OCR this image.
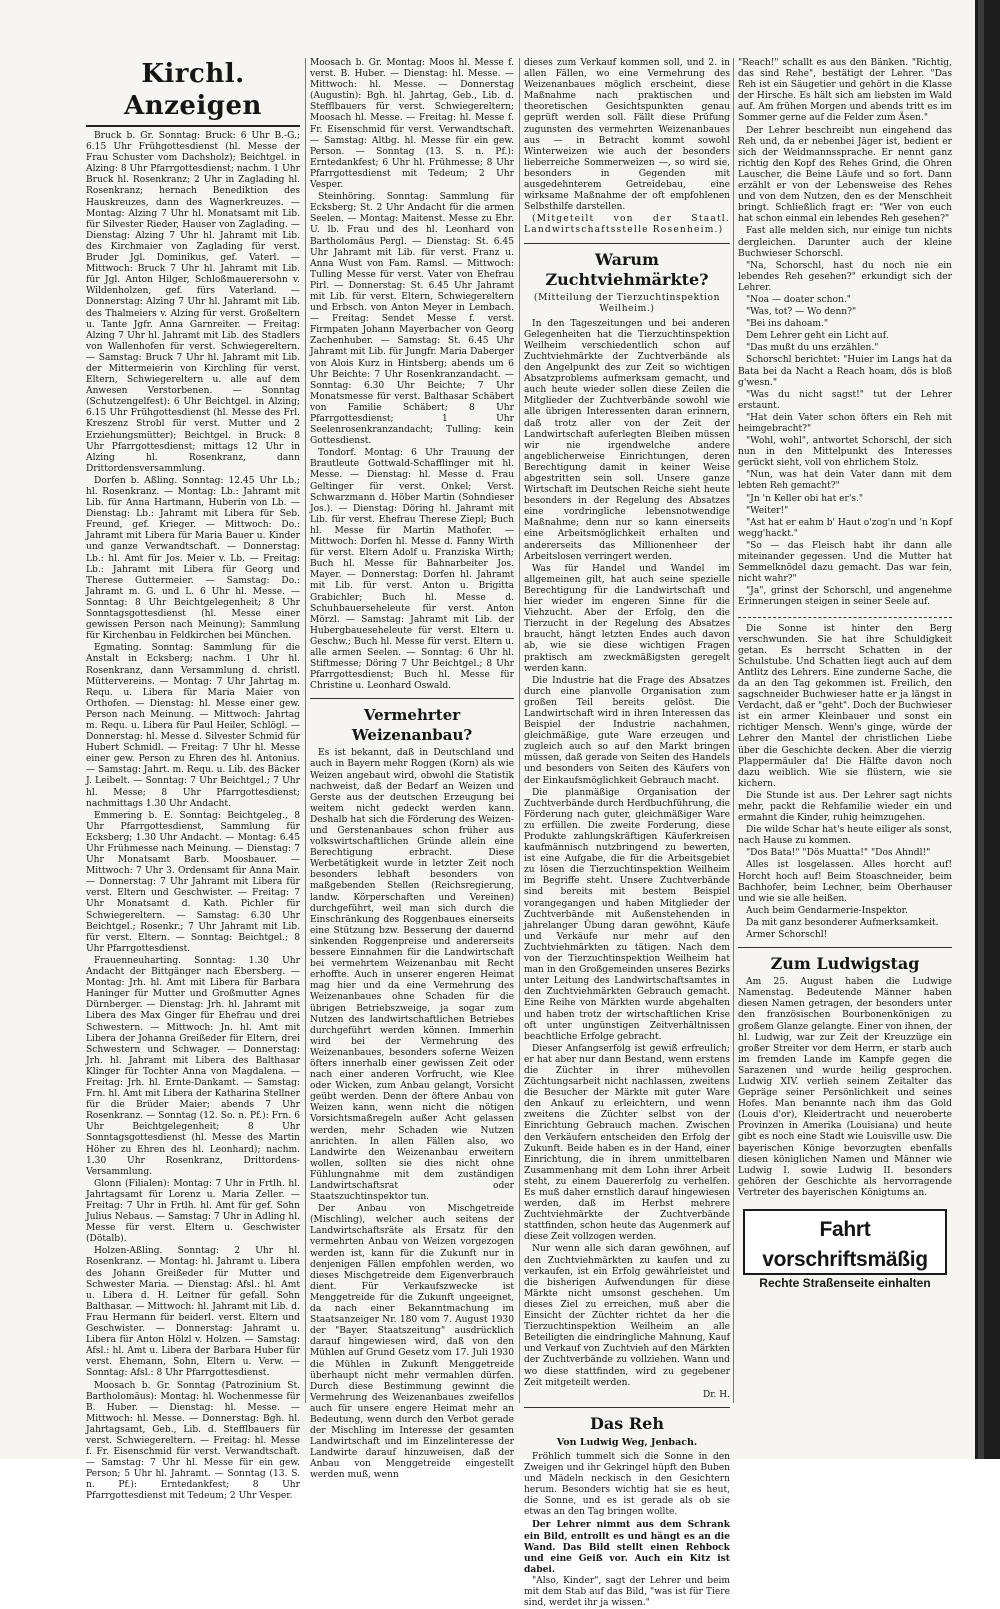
Kirchl. Anzeigen

Bruck b. Gr. Sonntag: Bruck: 6 Uhr B.-G.; 6.15 Uhr Frühgottesdienst (hl. Messe der Frau Schuster vom Dachsholz); Beichtgel. in Alzing: 8 Uhr Pfarrgottesdienst; nachm. 1 Uhr Bruck hl. Rosenkranz; 2 Uhr in Zaglading hl. Rosenkranz; hernach Benediktion des Hauskreuzes, dann des Wagnerkreuzes. — Montag: Alzing 7 Uhr hl. Monatsamt mit Lib. für Silvester Rieder, Hauser von Zaglading. — Dienstag: Alzing 7 Uhr hl. Jahramt mit Lib. des Kirchmaier von Zaglading für verst. Bruder Jgl. Dominikus, gef. Vaterl. — Mittwoch: Bruck 7 Uhr hl. Jahramt mit Lib. für Jgl. Anton Hilger, Schloßmauerersohn v. Wildenholzen, gef. fürs Vaterland. — Donnerstag: Alzing 7 Uhr hl. Jahramt mit Lib. des Thalmeiers v. Alzing für verst. Großeltern u. Tante Jgfr. Anna Garnreiter. — Freitag: Alzing 7 Uhr hl. Jahramt mit Lib. des Stadlers von Wallenhofen für verst. Schwiegereltern. — Samstag: Bruck 7 Uhr hl. Jahramt mit Lib. der Mittermeierin von Kirchling für verst. Eltern, Schwiegereltern u. alle auf dem Anwesen Verstorbenen. — Sonntag (Schutzengelfest): 6 Uhr Beichtgel. in Alzing; 6.15 Uhr Frühgottesdienst (hl. Messe des Frl. Kreszenz Strobl für verst. Mutter und 2 Erziehungsmütter); Beichtgel. in Bruck: 8 Uhr Pfarrgottesdienst; mittags 12 Uhr in Alzing hl. Rosenkranz, dann Drittordensversammlung.

Dorfen b. Aßling. Sonntag: 12.45 Uhr Lb.; hl. Rosenkranz. — Montag: Lb.: Jahramt mit Lib. für Anna Hartmann, Huberin von Lb. — Dienstag: Lb.: Jahramt mit Libera für Seb. Freund, gef. Krieger. — Mittwoch: Do.: Jahramt mit Libera für Maria Bauer u. Kinder und ganze Verwandtschaft. — Donnerstag: Lb.: hl. Amt für Jos. Meier v. Lb. — Freitag: Lb.: Jahramt mit Libera für Georg und Therese Guttermeier. — Samstag: Do.: Jahramt m. G. und L. 6 Uhr hl. Messe. — Sonntag: 8 Uhr Beichtgelegenheit; 8 Uhr Sonntagsgottesdienst (hl. Messe einer gewissen Person nach Meinung); Sammlung für Kirchenbau in Feldkirchen bei München.

Egmating. Sonntag: Sammlung für die Anstalt in Ecksberg; nachm. 1 Uhr hl. Rosenkranz, dann Versammlung d. christl. Müttervereins. — Montag: 7 Uhr Jahrtag m. Requ. u. Libera für Maria Maier von Orthofen. — Dienstag: hl. Messe einer gew. Person nach Meinung. — Mittwoch: Jahrtag m. Requ. u. Libera für Paul Heiler, Schlögl. — Donnerstag: hl. Messe d. Silvester Schmid für Hubert Schmidl. — Freitag: 7 Uhr hl. Messe einer gew. Person zu Ehren des hl. Antonius. — Samstag: Jahrt. m. Requ. u. Lib. des Bäcker J. Leibelt. — Sonntag: 7 Uhr Beichtgel.; 7 Uhr hl. Messe; 8 Uhr Pfarrgottesdienst; nachmittags 1.30 Uhr Andacht.

Emmering b. E. Sonntag: Beichtgeleg., 8 Uhr Pfarrgottesdienst, Sammlung für Ecksberg; 1.30 Uhr Andacht. — Montag: 6.45 Uhr Frühmesse nach Meinung. — Dienstag: 7 Uhr Monatsamt Barb. Moosbauer. — Mittwoch: 7 Uhr 3. Ordensamt für Anna Mair. — Donnerstag: 7 Uhr Jahramt mit Libera für verst. Eltern und Geschwister. — Freitag: 7 Uhr Monatsamt d. Kath. Pichler für Schwiegereltern. — Samstag: 6.30 Uhr Beichtgel.; Rosenkr.; 7 Uhr Jahramt mit Lib. für verst. Eltern. — Sonntag: Beichtgel.; 8 Uhr Pfarrgottesdienst.

Frauenneuharting. Sonntag: 1.30 Uhr Andacht der Bittgänger nach Ebersberg. — Montag: Jrh. hl. Amt mit Libera für Barbara Haninger für Mutter und Großmutter Agnes Dürnberger. — Dienstag: Jrh. hl. Jahramt mit Libera des Max Ginger für Ehefrau und drei Schwestern. — Mittwoch: Jn. hl. Amt mit Libera der Johanna Greißeder für Eltern, drei Schwestern und Schwager. — Donnerstag: Jrh. hl. Jahramt mit Libera des Balthasar Klinger für Tochter Anna von Magdalena. — Freitag: Jrh. hl. Ernte-Dankamt. — Samstag: Frn. hl. Amt mit Libera der Katharina Stellner für die Brüder Maier; abends 7 Uhr Rosenkranz. — Sonntag (12. So. n. Pf.): Frn. 6 Uhr Beichtgelegenheit; 8 Uhr Sonntagsgottesdienst (hl. Messe des Martin Höher zu Ehren des hl. Leonhard); nachm. 1.30 Uhr Rosenkranz, Drittordens-Versammlung.

Glonn (Filialen): Montag: 7 Uhr in Frtlh. hl. Jahrtagsamt für Lorenz u. Maria Zeller. — Freitag: 7 Uhr in Frtlh. hl. Amt für gef. Sohn Julius Nebaus. — Samstag: 7 Uhr in Adling hl. Messe für verst. Eltern u. Geschwister (Dötalb).

Holzen-Aßling. Sonntag: 2 Uhr hl. Rosenkranz. — Montag: hl. Jahramt u. Libera des Johann Greißeder für Mutter und Schwester Maria. — Dienstag: Afsl.: hl. Amt u. Libera d. H. Leitner für gefall. Sohn Balthasar. — Mittwoch: hl. Jahramt mit Lib. d. Frau Hermann für beiderl. verst. Eltern und Geschwister. — Donnerstag: Jahramt u. Libera für Anton Hölzl v. Holzen. — Samstag: Afsl.: hl. Amt u. Libera der Barbara Huber für verst. Ehemann, Sohn, Eltern u. Verw. — Sonntag: Afsl.: 8 Uhr Pfarrgottesdienst.

Moosach b. Gr. Sonntag (Patrozinium St. Bartholomäus): Montag: hl. Wochenmesse für B. Huber. — Dienstag: hl. Messe. — Mittwoch: hl. Messe. — Donnerstag: Bgh. hl. Jahrtagsamt, Geb., Lib. d. Stefflbauers für verst. Schwiegereltern. — Freitag: hl. Messe f. Fr. Eisenschmid für verst. Verwandtschaft. — Samstag: 7 Uhr hl. Messe für ein gew. Person; 5 Uhr hl. Jahramt. — Sonntag (13. S. n. Pf.): Erntedankfest; 8 Uhr Pfarrgottesdienst mit Tedeum; 2 Uhr Vesper.

Moosach b. Gr. Montag: Moos hl. Messe f. verst. B. Huber. — Dienstag: hl. Messe. — Mittwoch: hl. Messe. — Donnerstag (Augustin): Bgh. hl. Jahrtag, Geb., Lib. d. Stefflbauers für verst. Schwiegereltern; Moosach hl. Messe. — Freitag: hl. Messe f. Fr. Eisenschmid für verst. Verwandtschaft. — Samstag: Altbg. hl. Messe für ein gew. Person. — Sonntag (13. S. n. Pf.): Erntedankfest; 6 Uhr hl. Frühmesse; 8 Uhr Pfarrgottesdienst mit Tedeum; 2 Uhr Vesper.

Steinhöring. Sonntag: Sammlung für Ecksberg; St. 2 Uhr Andacht für die armen Seelen. — Montag: Maitenst. Messe zu Ehr. U. lb. Frau und des hl. Leonhard von Bartholomäus Pergl. — Dienstag: St. 6.45 Uhr Jahramt mit Lib. für verst. Franz u. Anna Wust von Fam. Ramsl. — Mittwoch: Tulling Messe für verst. Vater von Ehefrau Pirl. — Donnerstag: St. 6.45 Uhr Jahramt mit Lib. für verst. Eltern, Schwiegereltern und Erbsch. von Anton Meyer in Lembach. — Freitag: Sendet Messe f. verst. Firmpaten Johann Mayerbacher von Georg Zachenhuber. — Samstag: St. 6.45 Uhr Jahramt mit Lib. für Jungfr. Maria Daberger von Alois Kurz in Hintsberg; abends um 6 Uhr Beichte: 7 Uhr Rosenkranzandacht. — Sonntag: 6.30 Uhr Beichte; 7 Uhr Monatsmesse für verst. Balthasar Schäbert von Familie Schäbert; 8 Uhr Pfarrgottesdienst; 1 Uhr Seelenrosenkranzandacht; Tulling: kein Gottesdienst.

Tondorf. Montag: 6 Uhr Trauung der Brautleute Gottwald-Schafflinger mit hl. Messe. — Dienstag: hl. Messe d. Frau Geltinger für verst. Onkel; Verst. Schwarzmann d. Höber Martin (Sohndieser Jos.). — Dienstag: Döring hl. Jahramt mit Lib. für verst. Ehefrau Therese Ziepl; Buch hl. Messe für Martin Mathofer. — Mittwoch: Dorfen hl. Messe d. Fanny Wirth für verst. Eltern Adolf u. Franziska Wirth; Buch hl. Messe für Bahnarbeiter Jos. Mayer. — Donnerstag: Dorfen hl. Jahramt mit Lib. für verst. Anton u. Brigitta Grabichler; Buch hl. Messe d. Schuhbauerseheleute für verst. Anton Mörzl. — Samstag: Jahramt mit Lib. der Hubergbaueseheleute für verst. Eltern u. Geschw.; Buch hl. Messe für verst. Eltern u. alle armen Seelen. — Sonntag: 6 Uhr hl. Stiftmesse; Döring 7 Uhr Beichtgel.; 8 Uhr Pfarrgottesdienst; Buch hl. Messe für Christine u. Leonhard Oswald.

Vermehrter Weizenanbau?

Es ist bekannt, daß in Deutschland und auch in Bayern mehr Roggen (Korn) als wie Weizen angebaut wird, obwohl die Statistik nachweist, daß der Bedarf an Weizen und Gerste aus der deutschen Erzeugung bei weitem nicht gedeckt werden kann. Deshalb hat sich die Förderung des Weizen- und Gerstenanbaues schon früher aus volkswirtschaftlichen Gründe allein eine Berechtigung erbracht. Diese Werbetätigkeit wurde in letzter Zeit noch besonders lebhaft besonders von maßgebenden Stellen (Reichsregierung, landw. Körperschaften und Vereinen) durchgeführt, weil man sich durch die Einschränkung des Roggenbaues einerseits eine Stützung bzw. Besserung der dauernd sinkenden Roggenpreise und andererseits bessere Einnahmen für die Landwirtschaft bei vermehrtem Weizenanbau mit Recht erhoffte. Auch in unserer engeren Heimat mag hier und da eine Vermehrung des Weizenanbaues ohne Schaden für die übrigen Betriebszweige, ja sogar zum Nutzen des landwirtschaftlichen Betriebes durchgeführt werden können. Immerhin wird bei der Vermehrung des Weizenanbaues, besonders soferne Weizen öfters innerhalb einer gewissen Zeit oder nach einer anderen Vorfrucht, wie Klee oder Wicken, zum Anbau gelangt, Vorsicht geübt werden. Denn der öftere Anbau von Weizen kann, wenn nicht die nötigen Vorsichtsmaßregeln außer Acht gelassen werden, mehr Schaden wie Nutzen anrichten. In allen Fällen also, wo Landwirte den Weizenanbau erweitern wollen, sollten sie dies nicht ohne Fühlungnahme mit dem zuständigen Landwirtschaftsrat oder Staatszuchtinspektor tun.

Der Anbau von Mischgetreide (Mischling), welcher auch seitens der Landwirtschaftsräte als Ersatz für den vermehrten Anbau von Weizen vorgezogen werden ist, kann für die Zukunft nur in denjenigen Fällen empfohlen werden, wo dieses Mischgetreide dem Eigenverbrauch dient. Für Verkaufszwecke ist Menggetreide für die Zukunft ungeeignet, da nach einer Bekanntmachung im Staatsanzeiger Nr. 180 vom 7. August 1930 der "Bayer. Staatszeitung" ausdrücklich darauf hingewiesen wird, daß von den Mühlen auf Grund Gesetz vom 17. Juli 1930 die Mühlen in Zukunft Menggetreide überhaupt nicht mehr vermahlen dürfen. Durch diese Bestimmung gewinnt die Vermehrung des Weizenanbaues zweifellos auch für unsere engere Heimat mehr an Bedeutung, wenn durch den Verbot gerade der Mischling im Interesse der gesamten Landwirtschaft und im Einzelinteresse der Landwirte darauf hinzuweisen, daß der Anbau von Menggetreide eingestellt werden muß, wenn

dieses zum Verkauf kommen soll, und 2. in allen Fällen, wo eine Vermehrung des Weizenanbaues möglich erscheint, diese Maßnahme nach praktischen und theoretischen Gesichtspunkten genau geprüft werden soll. Fällt diese Prüfung zugunsten des vermehrten Weizenanbaues aus — in Betracht kommt sowohl Winterweizen wie auch der besonders lieberreiche Sommerweizen —, so wird sie, besonders in Gegenden mit ausgedehnterem Getreidebau, eine wirksame Maßnahme der oft empfohlenen Selbsthilfe darstellen.

(Mitgeteilt von der Staatl. Landwirtschaftsstelle Rosenheim.)

Warum Zuchtviehmärkte?
(Mitteilung der Tierzuchtinspektion Weilheim.)

In den Tageszeitungen und bei anderen Gelegenheiten hat die Tierzuchtinspektion Weilheim verschiedentlich schon auf Zuchtviehmärkte der Zuchtverbände als den Angelpunkt des zur Zeit so wichtigen Absatzproblems aufmerksam gemacht, und auch heute wieder sollen diese Zeilen die Mitglieder der Zuchtverbände sowohl wie alle übrigen Interessenten daran erinnern, daß trotz aller von der Zeit der Landwirtschaft auferlegten Bleiben müssen wir nie irgendwelche andere angeblicherweise Einrichtungen, deren Berechtigung damit in keiner Weise abgestritten sein soll. Unsere ganze Wirtschaft im Deutschen Reiche sieht heute besonders in der Regelung des Absatzes eine vordringliche lebensnotwendige Maßnahme; denn nur so kann einerseits eine Arbeitsmöglichkeit erhalten und andererseits das Millionenheer der Arbeitslosen verringert werden.

Was für Handel und Wandel im allgemeinen gilt, hat auch seine spezielle Berechtigung für die Landwirtschaft und hier wieder im engeren Sinne für die Viehzucht. Aber der Erfolg, den die Tierzucht in der Regelung des Absatzes braucht, hängt letzten Endes auch davon ab, wie sie diese wichtigen Fragen praktisch am zweckmäßigsten geregelt werden kann.

Die Industrie hat die Frage des Absatzes durch eine planvolle Organisation zum großen Teil bereits gelöst. Die Landwirtschaft wird in ihren Interessen das Beispiel der Industrie nachahmen, gleichmäßige, gute Ware erzeugen und zugleich auch so auf den Markt bringen müssen, daß gerade von Seiten des Handels und besonders von Seiten des Käufers von der Einkaufsmöglichkeit Gebrauch macht.

Die planmäßige Organisation der Zuchtverbände durch Herdbuchführung, die Förderung nach guter, gleichmäßiger Ware zu erfüllen. Die zweite Forderung, diese Produkte zahlungskräftigen Käuferkreisen kaufmännisch nutzbringend zu bewerten, ist eine Aufgabe, die für die Arbeitsgebiet zu lösen die Tierzuchtinspektion Weilheim im Begriffe steht. Unsere Zuchtverbände sind bereits mit bestem Beispiel vorangegangen und haben Mitglieder der Zuchtverbände mit Außenstehenden in jahrelanger Übung daran gewöhnt, Käufe und Verkäufe nur mehr auf den Zuchtviehmärkten zu tätigen. Nach dem von der Tierzuchtinspektion Weilheim hat man in den Großgemeinden unseres Bezirks unter Leitung des Landwirtschaftsamtes in den Zuchtviehmärkten Gebrauch gemacht. Eine Reihe von Märkten wurde abgehalten und haben trotz der wirtschaftlichen Krise oft unter ungünstigen Zeitverhältnissen beachtliche Erfolge gebracht.

Dieser Anfangserfolg ist gewiß erfreulich; er hat aber nur dann Bestand, wenn erstens die Züchter in ihrer mühevollen Züchtungsarbeit nicht nachlassen, zweitens die Besucher der Märkte mit guter Ware den Ankauf zu erleichtern, und wenn zweitens die Züchter selbst von der Einrichtung Gebrauch machen. Zwischen den Verkäufern entscheiden den Erfolg der Zukunft. Beide haben es in der Hand, einer Einrichtung, die in ihrem unmittelbaren Zusammenhang mit dem Lohn ihrer Arbeit steht, zu einem Dauererfolg zu verhelfen. Es muß daher ernstlich darauf hingewiesen werden, daß im Herbst mehrere Zuchtviehmärkte der Zuchtverbände stattfinden, schon heute das Augenmerk auf diese Zeit vollzogen werden.

Nur wenn alle sich daran gewöhnen, auf den Zuchtviehmärkten zu kaufen und zu verkaufen, ist ein Erfolg gewährleistet und die bisherigen Aufwendungen für diese Märkte nicht umsonst geschehen. Um dieses Ziel zu erreichen, muß aber die Einsicht der Züchter richtet da her die Tierzuchtinspektion Weilheim an alle Beteiligten die eindringliche Mahnung, Kauf und Verkauf von Zuchtvieh auf den Märkten der Zuchtverbände zu vollziehen. Wann und wo diese stattfinden, wird zu gegebener Zeit mitgeteilt werden.

Dr. H.
Das Reh
Von Ludwig Weg, Jenbach.

Fröhlich tummelt sich die Sonne in den Zweigen und ihr Gekringel hüpft den Buben und Mädeln neckisch in den Gesichtern herum. Besonders wichtig hat sie es heut, die Sonne, und es ist gerade als ob sie etwas an den Tag bringen wollte.

Der Lehrer nimmt aus dem Schrank ein Bild, entrollt es und hängt es an die Wand. Das Bild stellt einen Rehbock und eine Geiß vor. Auch ein Kitz ist dabei.

"Also, Kinder", sagt der Lehrer und beim mit dem Stab auf das Bild, "was ist für Tiere sind, werdet ihr ja wissen."

"Reach!" schallt es aus den Bänken. "Richtig, das sind Rehe", bestätigt der Lehrer. "Das Reh ist ein Säugetier und gehört in die Klasse der Hirsche. Es hält sich am liebsten im Wald auf. Am frühen Morgen und abends tritt es im Sommer gerne auf die Felder zum Äsen."

Der Lehrer beschreibt nun eingehend das Reh und, da er nebenbei Jäger ist, bedient er sich der Weidmannssprache. Er nennt ganz richtig den Kopf des Rehes Grind, die Ohren Lauscher, die Beine Läufe und so fort. Dann erzählt er von der Lebensweise des Rehes und von dem Nutzen, den es der Menschheit bringt. Schließlich fragt er: "Wer von euch hat schon einmal ein lebendes Reh gesehen?"

Fast alle melden sich, nur einige tun nichts dergleichen. Darunter auch der kleine Buchwieser Schorschl.

"Na, Schorschl, hast du noch nie ein lebendes Reh gesehen?" erkundigt sich der Lehrer.

"Noa — doater schon."

"Was, tot? — Wo denn?"

"Bei ins dahoam."

Dem Lehrer geht ein Licht auf.

"Das mußt du uns erzählen."

Schorschl berichtet: "Huier im Langs hat da Bata bei da Nacht a Reach hoam, dös is bloß g'wesn."

"Was du nicht sagst!" tut der Lehrer erstaunt.

"Hat dein Vater schon öfters ein Reh mit heimgebracht?"

"Wohl, wohl", antwortet Schorschl, der sich nun in den Mittelpunkt des Interesses gerückt sieht, voll von ehrlichem Stolz.

"Nun, was hat dein Vater dann mit dem lebten Reh gemacht?"

"Jn 'n Keller obi hat er's."

"Weiter!"

"Ast hat er eahm b' Haut o'zog'n und 'n Kopf wegg'hackt."

"So — das Fleisch habt ihr dann alle miteinander gegessen. Und die Mutter hat Semmelknödel dazu gemacht. Das war fein, nicht wahr?"

"Ja", grinst der Schorschl, und angenehme Erinnerungen steigen in seiner Seele auf.

Die Sonne ist hinter den Berg verschwunden. Sie hat ihre Schuldigkeit getan. Es herrscht Schatten in der Schulstube. Und Schatten liegt auch auf dem Antlitz des Lehrers. Eine zunderne Sache, die da an den Tag gekommen ist. Freilich, den sagschneider Buchwieser hatte er ja längst in Verdacht, daß er "geht". Doch der Buchwieser ist ein armer Kleinbauer und sonst ein richtiger Mensch. Wenn's ginge, würde der Lehrer den Mantel der christlichen Liebe über die Geschichte decken. Aber die vierzig Plappermäuler da! Die Hälfte davon noch dazu weiblich. Wie sie flüstern, wie sie kichern.

Die Stunde ist aus. Der Lehrer sagt nichts mehr, packt die Rehfamilie wieder ein und ermahnt die Kinder, ruhig heimzugehen.

Die wilde Schar hat's heute eiliger als sonst, nach Hause zu kommen.

"Dos Bata!" "Dös Muatta!" "Dos Ahndl!"

Alles ist losgelassen. Alles horcht auf! Horcht hoch auf! Beim Stoaschneider, beim Bachhofer, beim Lechner, beim Oberhauser und wie sie alle heißen.

Auch beim Gendarmerie-Inspektor.

Da mit ganz besonderer Aufmerksamkeit.

Armer Schorschl!

Zum Ludwigstag

Am 25. August haben die Ludwige Namenstag. Bedeutende Männer haben diesen Namen getragen, der besonders unter den französischen Bourbonenkönigen zu großem Glanze gelangte. Einer von ihnen, der hl. Ludwig, war zur Zeit der Kreuzzüge ein großer Streiter vor dem Herrn, er starb auch im fremden Lande im Kampfe gegen die Sarazenen und wurde heilig gesprochen. Ludwig XIV. verlieh seinem Zeitalter das Gepräge seiner Persönlichkeit und seines Hofes. Man benannte nach ihm das Gold (Louis d'or), Kleidertracht und neueroberte Provinzen in Amerika (Louisiana) und heute gibt es noch eine Stadt wie Louisville usw. Die bayerischen Könige bevorzugten ebenfalls diesen königlichen Namen und Männer wie Ludwig I. sowie Ludwig II. besonders gehören der Geschichte als hervorragende Vertreter des bayerischen Königtums an.

Fahrt vorschriftsmäßig
Rechte Straßenseite einhalten
